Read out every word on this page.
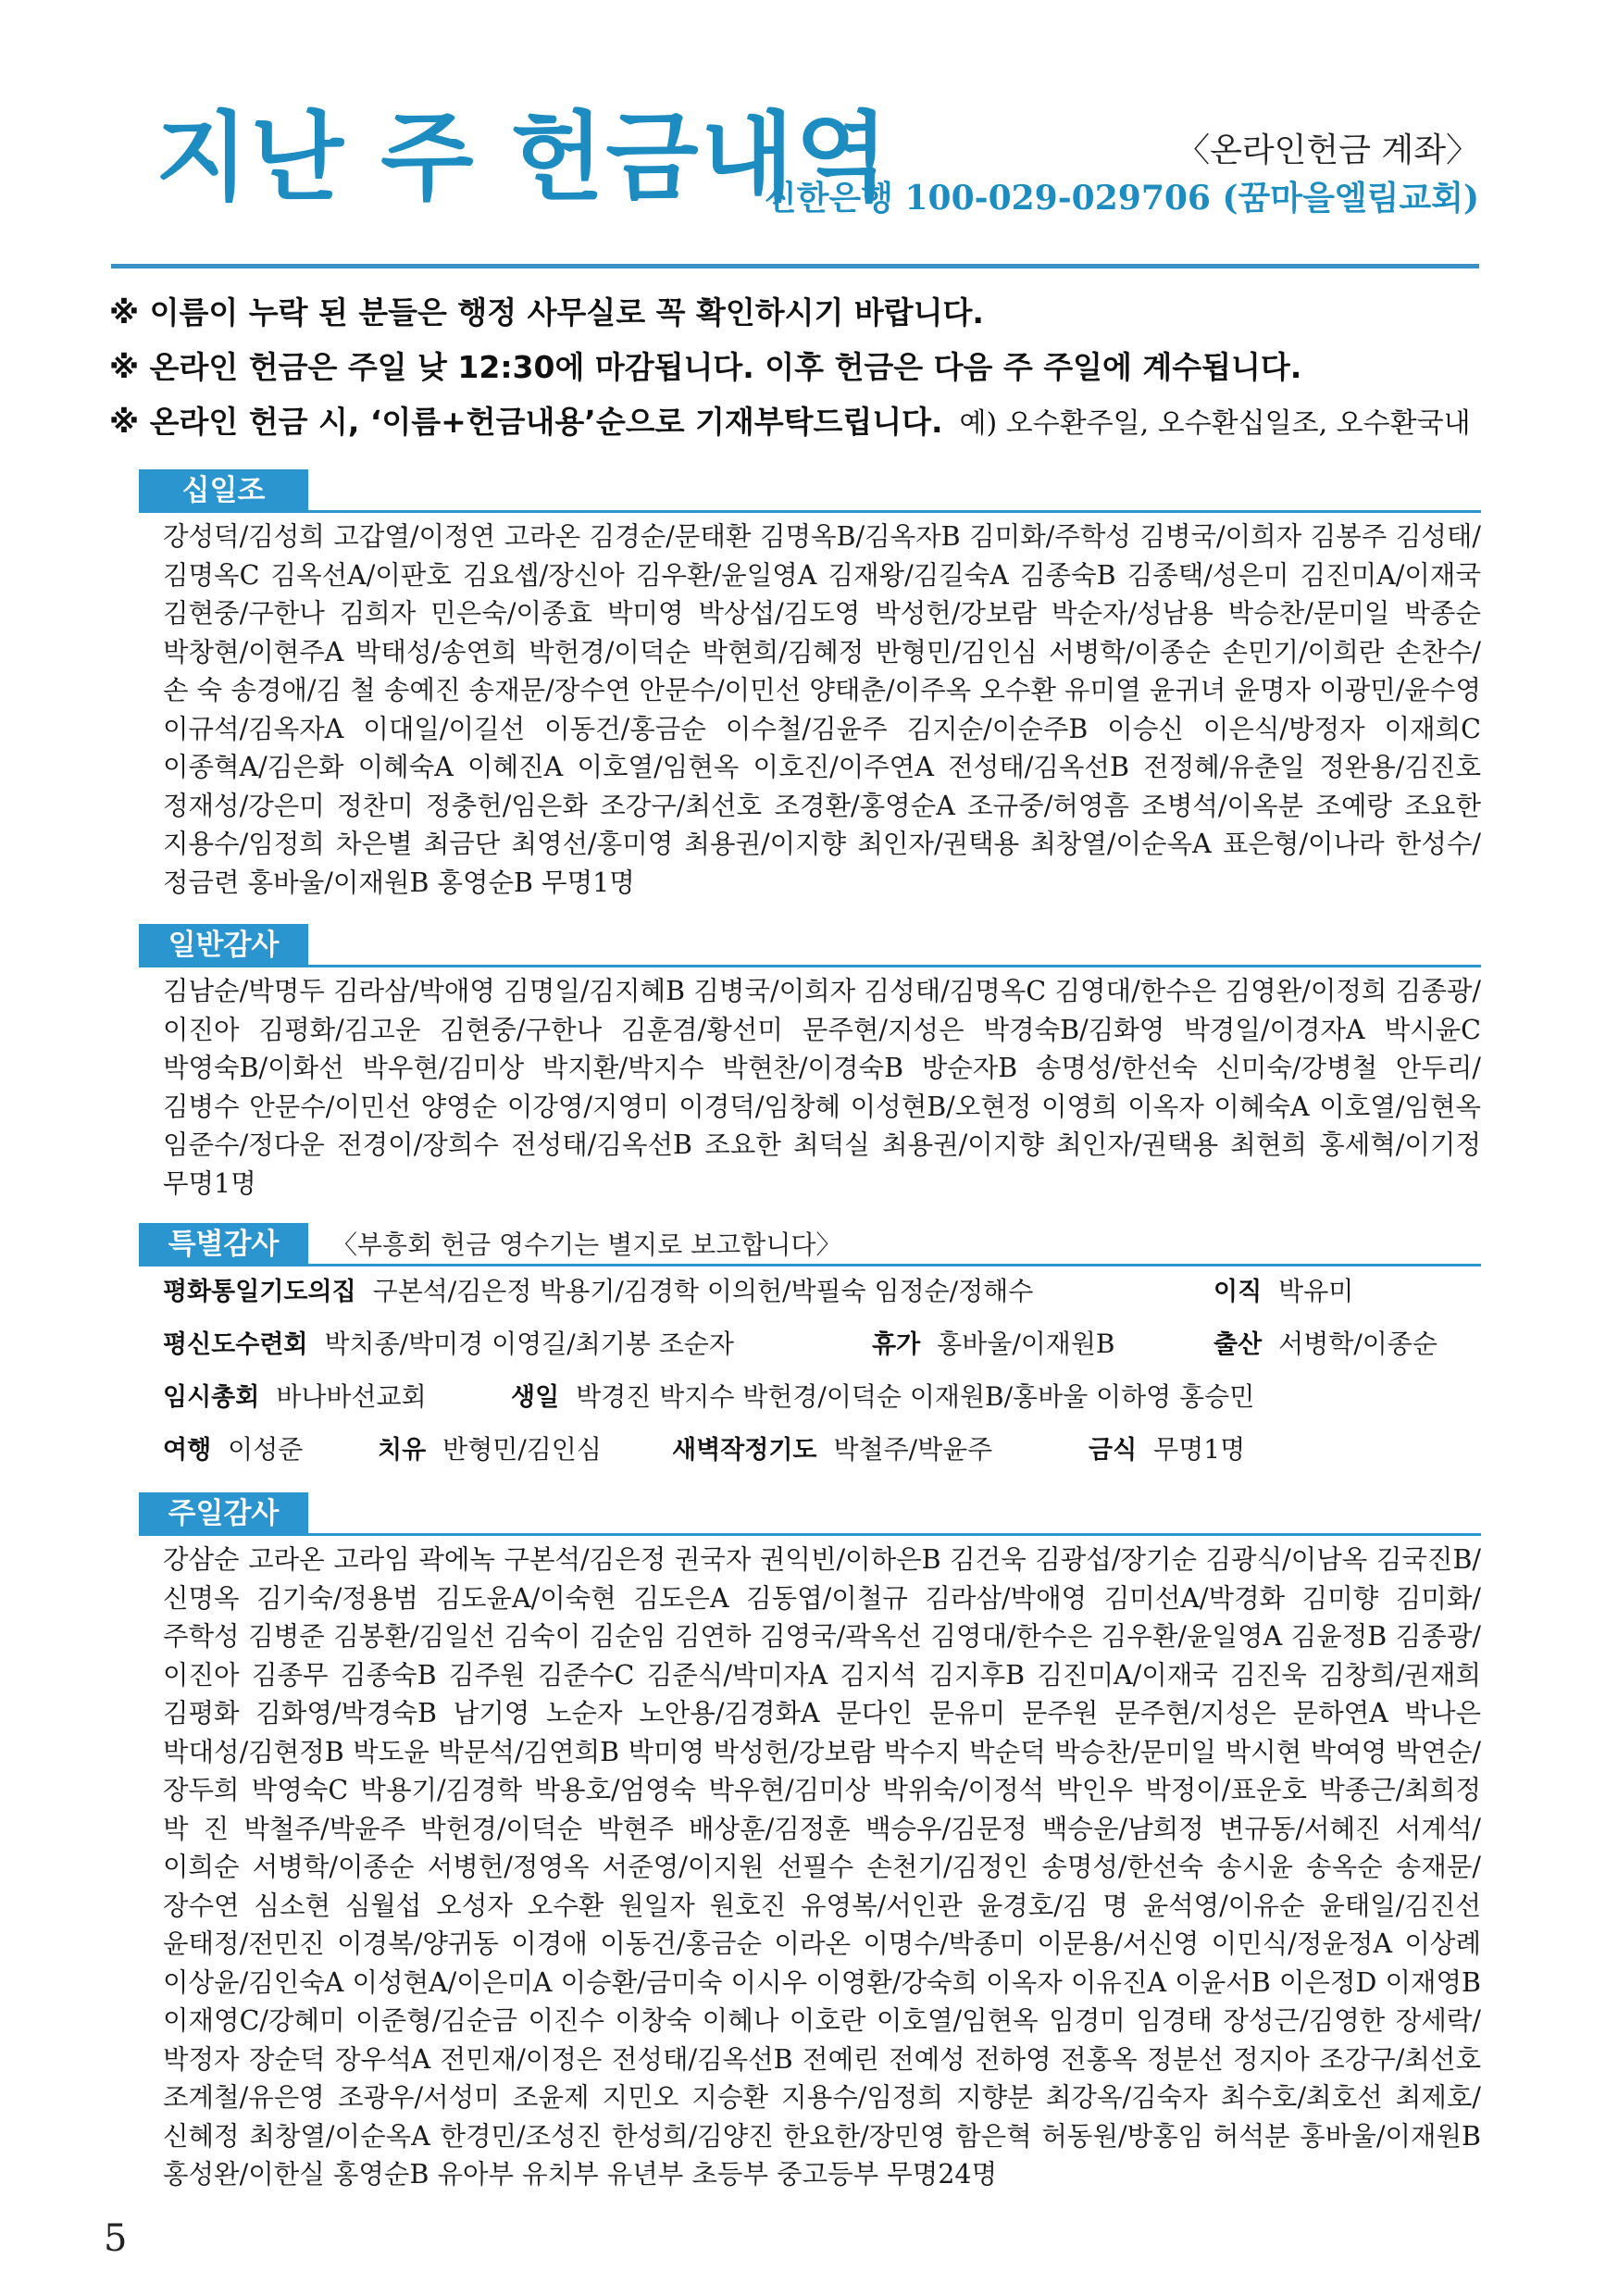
지난 주 헌금내역	〈온라인헌금 계좌〉
신한은행 100-029-029706 (꿈마을엘림교회)
※ 이름이 누락 된 분들은 행정 사무실로 꼭 확인하시기 바랍니다.
※ 온라인 헌금은 주일 낮 12:30에 마감됩니다. 이후 헌금은 다음 주 주일에 계수됩니다.
※ 온라인 헌금 시, ‘이름+헌금내용’순으로 기재부탁드립니다. 예) 오수환주일, 오수환십일조, 오수환국내
십일조
강성덕/김성희 고갑열/이정연 고라온 김경순/문태환 김명옥B/김옥자B 김미화/주학성 김병국/이희자 김봉주 김성태/김명옥C 김옥선A/이판호 김요셉/장신아 김우환/윤일영A 김재왕/김길숙A 김종숙B 김종택/성은미 김진미A/이재국 김현중/구한나 김희자 민은숙/이종효 박미영 박상섭/김도영 박성헌/강보람 박순자/성남용 박승찬/문미일 박종순 박창현/이현주A 박태성/송연희 박헌경/이덕순 박현희/김혜정 반형민/김인심 서병학/이종순 손민기/이희란 손찬수/손 숙 송경애/김 철 송예진 송재문/장수연 안문수/이민선 양태춘/이주옥 오수환 유미열 윤귀녀 윤명자 이광민/윤수영 이규석/김옥자A 이대일/이길선 이동건/홍금순 이수철/김윤주 김지순/이순주B 이승신 이은식/방정자 이재희C 이종혁A/김은화 이혜숙A 이혜진A 이호열/임현옥 이호진/이주연A 전성태/김옥선B 전정혜/유춘일 정완용/김진호 정재성/강은미 정찬미 정충헌/임은화 조강구/최선호 조경환/홍영순A 조규중/허영흠 조병석/이옥분 조예랑 조요한 지용수/임정희 차은별 최금단 최영선/홍미영 최용권/이지향 최인자/권택용 최창열/이순옥A 표은형/이나라 한성수/정금련 홍바울/이재원B 홍영순B 무명1명
일반감사
김남순/박명두 김라삼/박애영 김명일/김지혜B 김병국/이희자 김성태/김명옥C 김영대/한수은 김영완/이정희 김종광/이진아 김평화/김고운 김현중/구한나 김훈겸/황선미 문주현/지성은 박경숙B/김화영 박경일/이경자A 박시윤C 박영숙B/이화선 박우현/김미상 박지환/박지수 박현찬/이경숙B 방순자B 송명성/한선숙 신미숙/강병철 안두리/김병수 안문수/이민선 양영순 이강영/지영미 이경덕/임창혜 이성현B/오현정 이영희 이옥자 이혜숙A 이호열/임현옥 임준수/정다운 전경이/장희수 전성태/김옥선B 조요한 최덕실 최용권/이지향 최인자/권택용 최현희 홍세혁/이기정 무명1명
특별감사	〈부흥회 헌금 영수기는 별지로 보고합니다〉
평화통일기도의집 구본석/김은정 박용기/김경학 이의헌/박필숙 임정순/정해수	이직 박유미
평신도수련회 박치종/박미경 이영길/최기봉 조순자	휴가 홍바울/이재원B	출산 서병학/이종순
임시총회 바나바선교회	생일 박경진 박지수 박헌경/이덕순 이재원B/홍바울 이하영 홍승민
여행 이성준	치유 반형민/김인심	새벽작정기도 박철주/박윤주	금식 무명1명
주일감사
강삼순 고라온 고라임 곽에녹 구본석/김은정 권국자 권익빈/이하은B 김건욱 김광섭/장기순 김광식/이남옥 김국진B/신명옥 김기숙/정용범 김도윤A/이숙현 김도은A 김동엽/이철규 김라삼/박애영 김미선A/박경화 김미향 김미화/주학성 김병준 김봉환/김일선 김숙이 김순임 김연하 김영국/곽옥선 김영대/한수은 김우환/윤일영A 김윤정B 김종광/이진아 김종무 김종숙B 김주원 김준수C 김준식/박미자A 김지석 김지후B 김진미A/이재국 김진욱 김창희/권재희 김평화 김화영/박경숙B 남기영 노순자 노안용/김경화A 문다인 문유미 문주원 문주현/지성은 문하연A 박나은 박대성/김현정B 박도윤 박문석/김연희B 박미영 박성헌/강보람 박수지 박순덕 박승찬/문미일 박시현 박여영 박연순/장두희 박영숙C 박용기/김경학 박용호/엄영숙 박우현/김미상 박위숙/이정석 박인우 박정이/표운호 박종근/최희정 박 진 박철주/박윤주 박헌경/이덕순 박현주 배상훈/김정훈 백승우/김문정 백승운/남희정 변규동/서혜진 서계석/이희순 서병학/이종순 서병헌/정영옥 서준영/이지원 선필수 손천기/김정인 송명성/한선숙 송시윤 송옥순 송재문/장수연 심소현 심월섭 오성자 오수환 원일자 원호진 유영복/서인관 윤경호/김 명 윤석영/이유순 윤태일/김진선 윤태정/전민진 이경복/양귀동 이경애 이동건/홍금순 이라온 이명수/박종미 이문용/서신영 이민식/정윤정A 이상례 이상윤/김인숙A 이성현A/이은미A 이승환/금미숙 이시우 이영환/강숙희 이옥자 이유진A 이윤서B 이은정D 이재영B 이재영C/강혜미 이준형/김순금 이진수 이창숙 이혜나 이호란 이호열/임현옥 임경미 임경태 장성근/김영한 장세락/박정자 장순덕 장우석A 전민재/이정은 전성태/김옥선B 전예린 전예성 전하영 전홍옥 정분선 정지아 조강구/최선호 조계철/유은영 조광우/서성미 조윤제 지민오 지승환 지용수/임정희 지향분 최강옥/김숙자 최수호/최호선 최제호/신혜정 최창열/이순옥A 한경민/조성진 한성희/김양진 한요한/장민영 함은혁 허동원/방홍임 허석분 홍바울/이재원B 홍성완/이한실 홍영순B 유아부 유치부 유년부 초등부 중고등부 무명24명
5
